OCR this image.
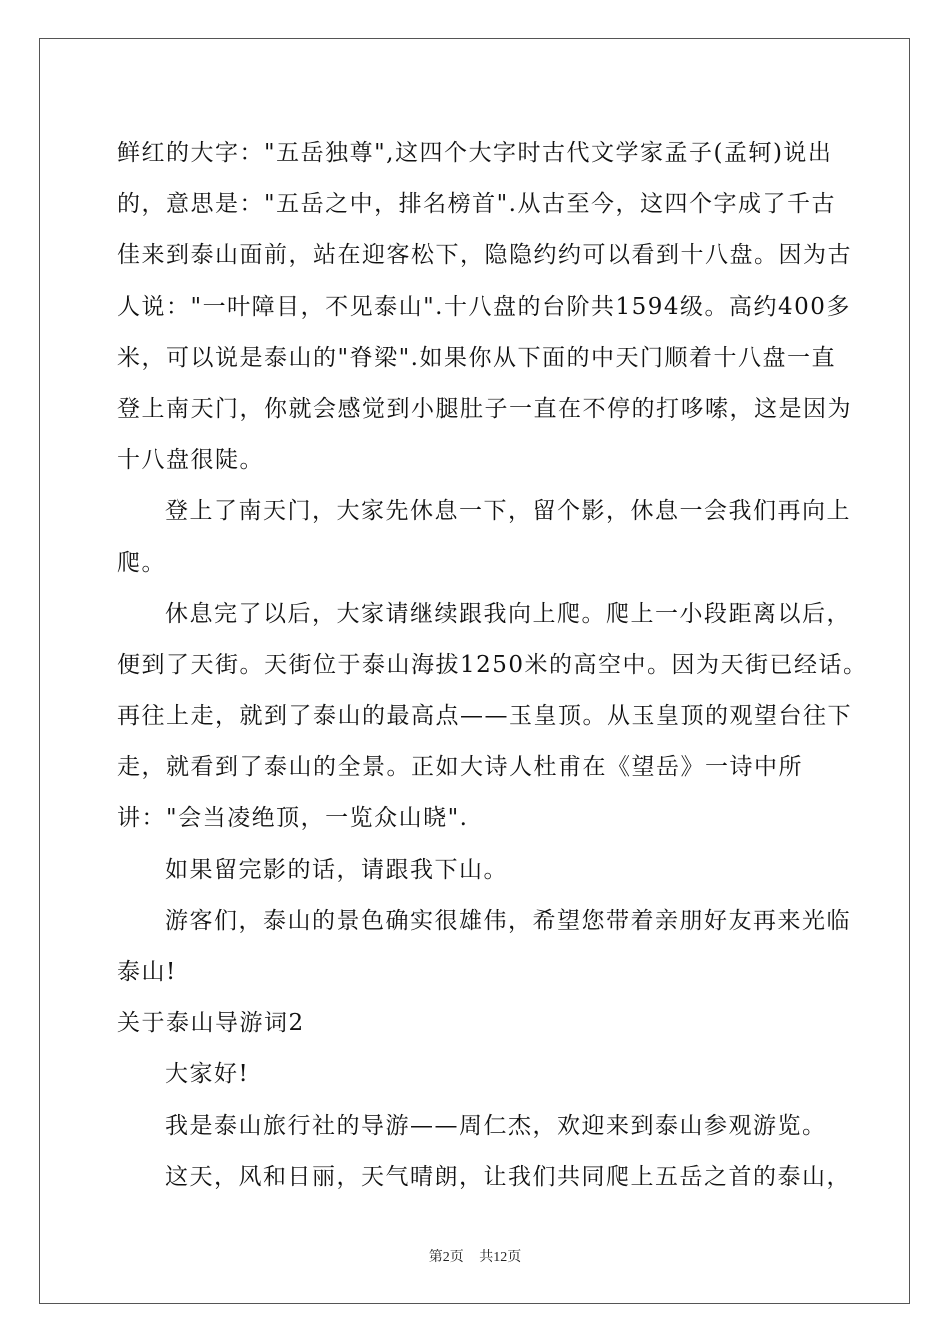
鲜红的大字："五岳独尊",这四个大字时古代文学家孟子(孟轲)说出
的，意思是："五岳之中，排名榜首".从古至今，这四个字成了千古
佳来到泰山面前，站在迎客松下，隐隐约约可以看到十八盘。因为古
人说："一叶障目，不见泰山".十八盘的台阶共1594级。高约400多
米，可以说是泰山的"脊梁".如果你从下面的中天门顺着十八盘一直
登上南天门，你就会感觉到小腿肚子一直在不停的打哆嗦，这是因为
十八盘很陡。
登上了南天门，大家先休息一下，留个影，休息一会我们再向上
爬。
休息完了以后，大家请继续跟我向上爬。爬上一小段距离以后，
便到了天街。天街位于泰山海拔1250米的高空中。因为天街已经话。
再往上走，就到了泰山的最高点——玉皇顶。从玉皇顶的观望台往下
走，就看到了泰山的全景。正如大诗人杜甫在《望岳》一诗中所
讲："会当凌绝顶，一览众山晓".
如果留完影的话，请跟我下山。
游客们，泰山的景色确实很雄伟，希望您带着亲朋好友再来光临
泰山!
关于泰山导游词2
大家好!
我是泰山旅行社的导游——周仁杰，欢迎来到泰山参观游览。
这天，风和日丽，天气晴朗，让我们共同爬上五岳之首的泰山，
第2页 共12页
